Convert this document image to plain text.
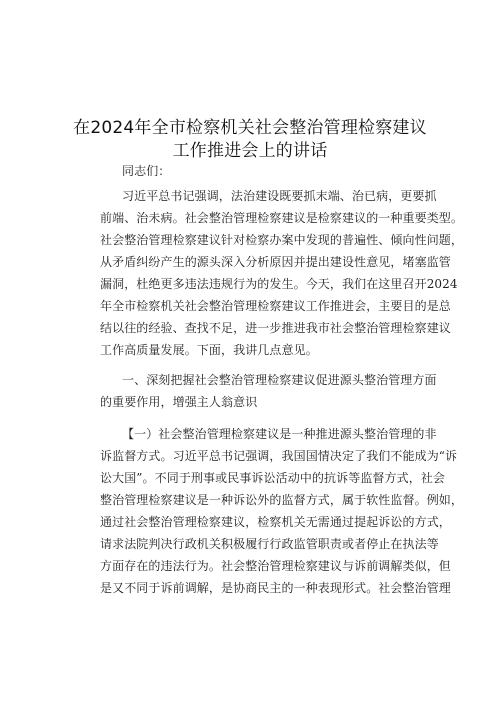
在2024年全市检察机关社会整治管理检察建议
工作推进会上的讲话
同志们：
习近平总书记强调，法治建设既要抓末端、治已病，更要抓
前端、治未病。社会整治管理检察建议是检察建议的一种重要类型。
社会整治管理检察建议针对检察办案中发现的普遍性、倾向性问题，
从矛盾纠纷产生的源头深入分析原因并提出建设性意见，堵塞监管
漏洞，杜绝更多违法违规行为的发生。今天，我们在这里召开2024
年全市检察机关社会整治管理检察建议工作推进会，主要目的是总
结以往的经验、查找不足，进一步推进我市社会整治管理检察建议
工作高质量发展。下面，我讲几点意见。
一、深刻把握社会整治管理检察建议促进源头整治管理方面
的重要作用，增强主人翁意识
【一）社会整治管理检察建议是一种推进源头整治管理的非
诉监督方式。习近平总书记强调，我国国情决定了我们不能成为“诉
讼大国”。不同于刑事或民事诉讼活动中的抗诉等监督方式，社会
整治管理检察建议是一种诉讼外的监督方式，属于软性监督。例如，
通过社会整治管理检察建议，检察机关无需通过提起诉讼的方式，
请求法院判决行政机关积极履行行政监管职责或者停止在执法等
方面存在的违法行为。社会整治管理检察建议与诉前调解类似，但
是又不同于诉前调解，是协商民主的一种表现形式。社会整治管理
